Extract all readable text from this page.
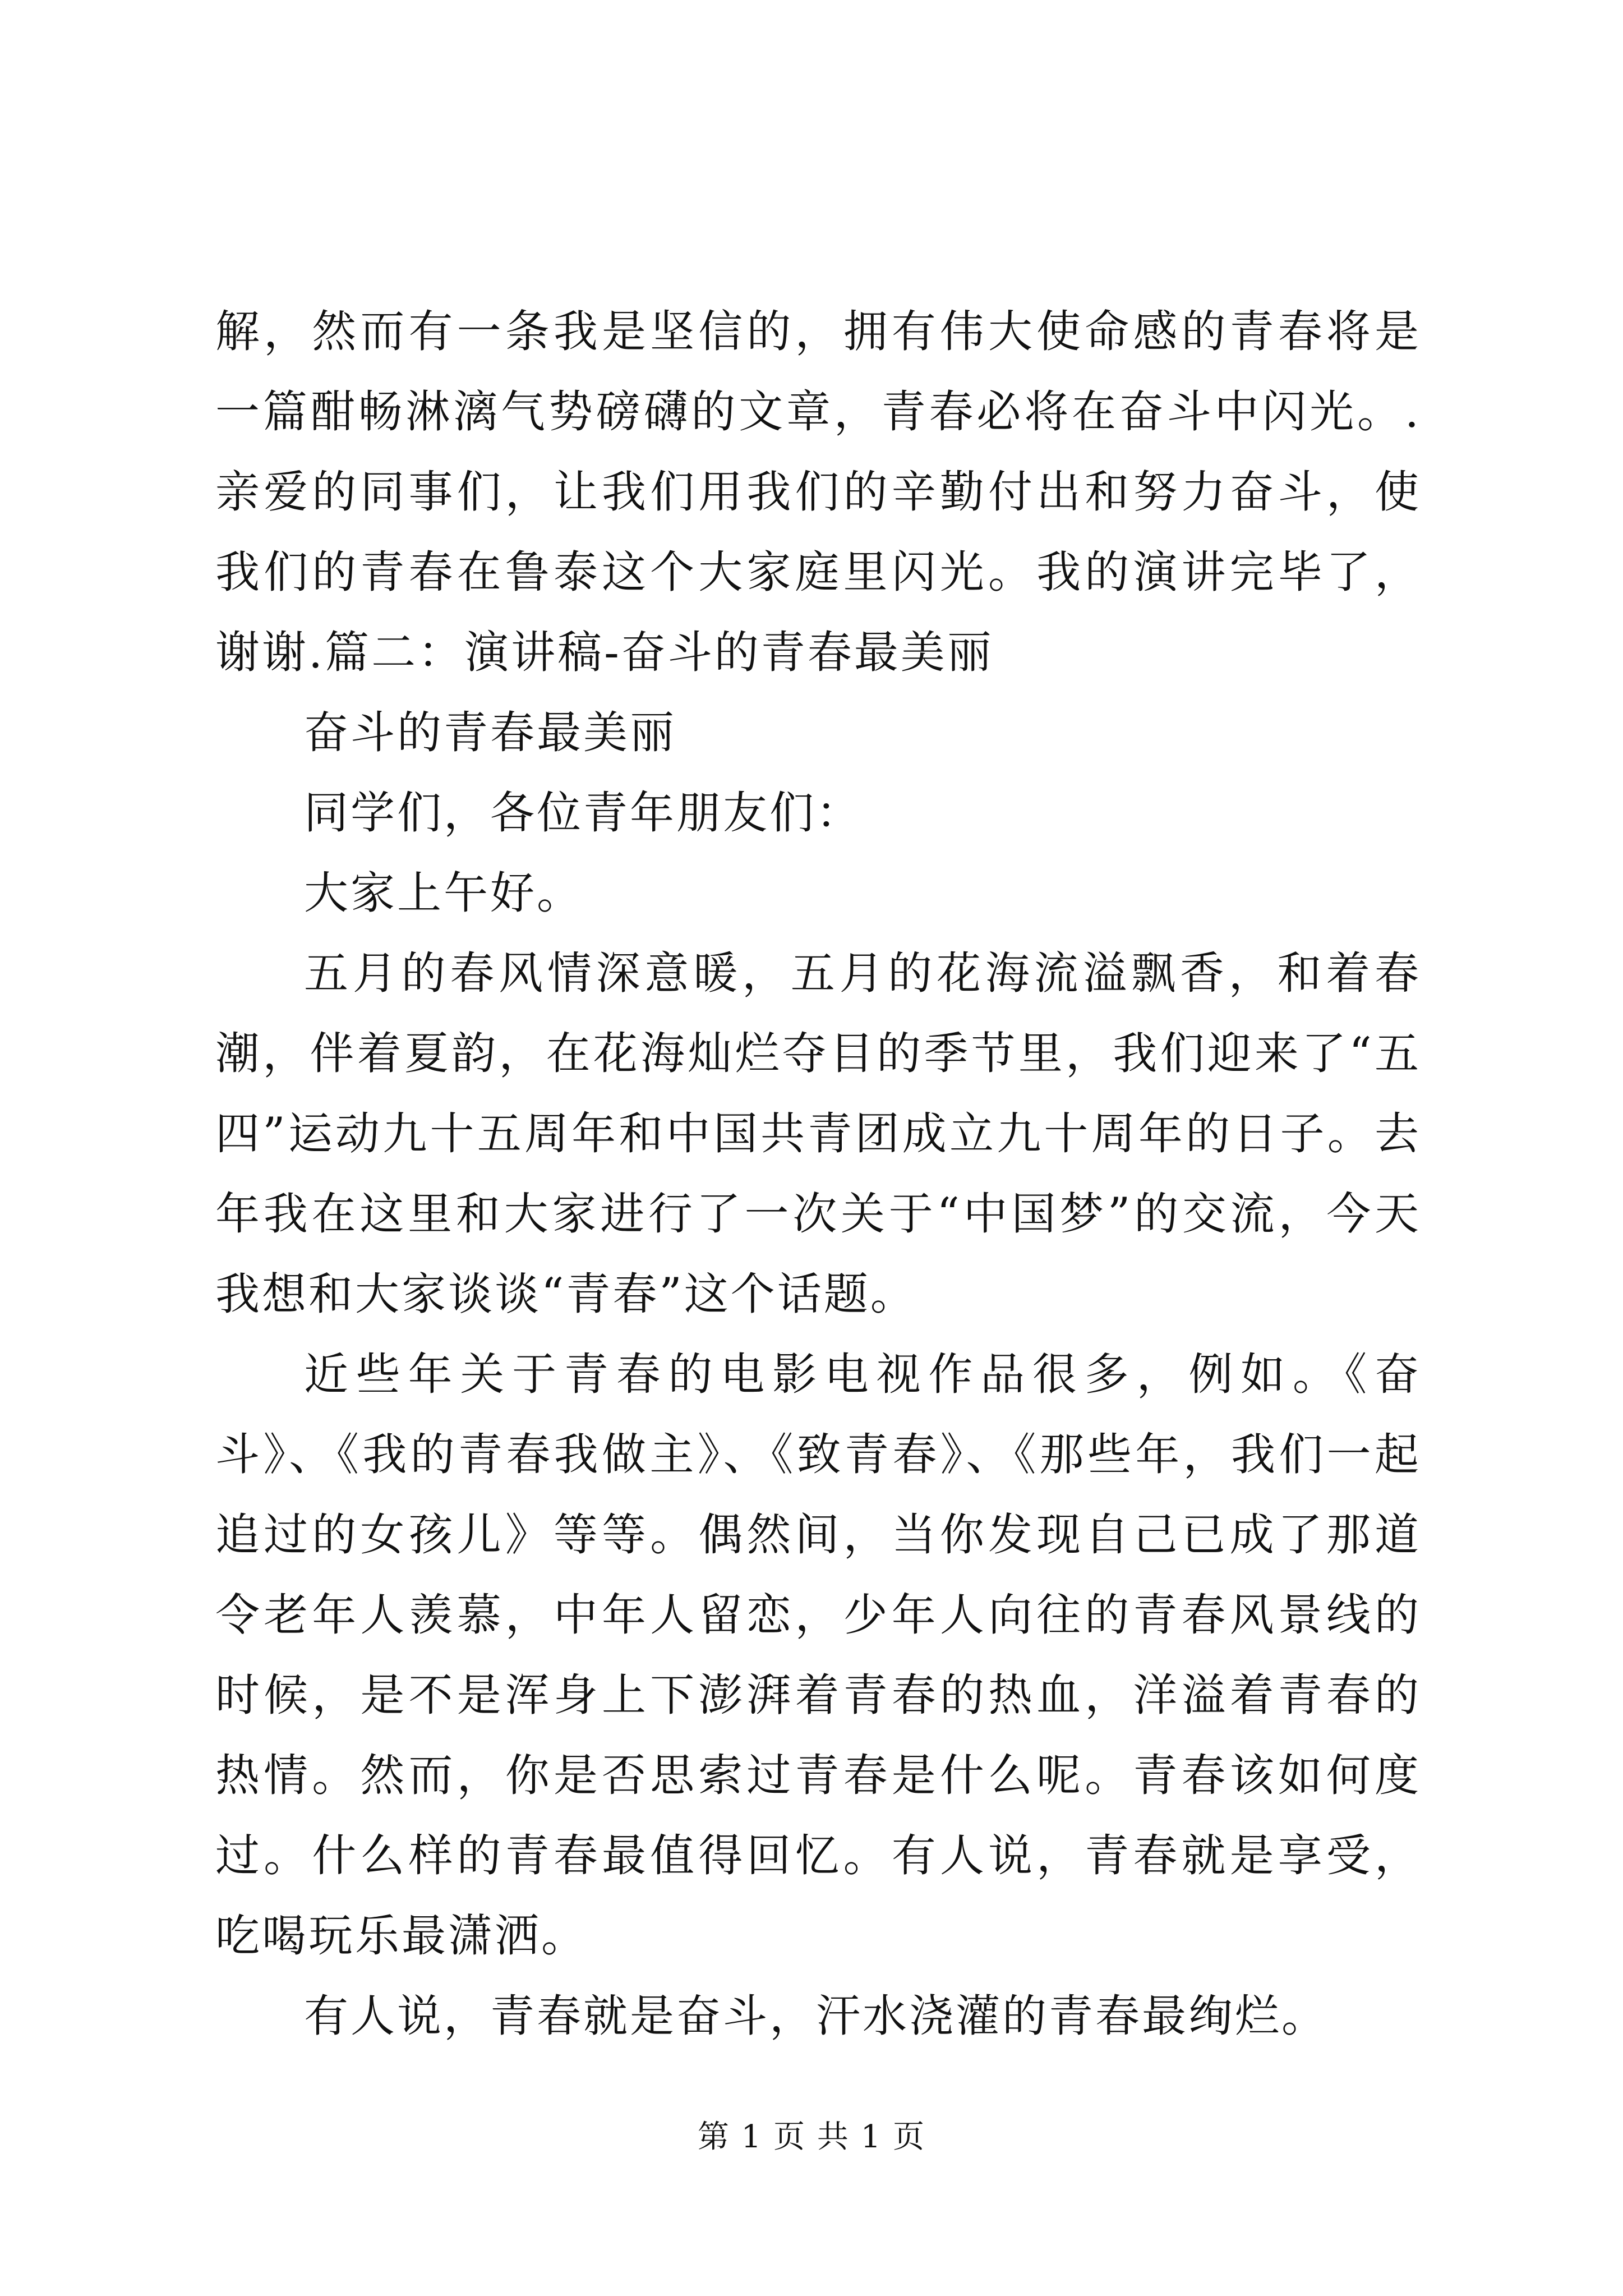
解，然而有一条我是坚信的，拥有伟大使命感的青春将是一篇酣畅淋漓气势磅礴的文章，青春必将在奋斗中闪光。.亲爱的同事们，让我们用我们的辛勤付出和努力奋斗，使我们的青春在鲁泰这个大家庭里闪光。我的演讲完毕了，谢谢.篇二：演讲稿-奋斗的青春最美丽

奋斗的青春最美丽

同学们，各位青年朋友们：

大家上午好。

五月的春风情深意暖，五月的花海流溢飘香，和着春潮，伴着夏韵，在花海灿烂夺目的季节里，我们迎来了“五四”运动九十五周年和中国共青团成立九十周年的日子。去年我在这里和大家进行了一次关于“中国梦”的交流，今天我想和大家谈谈“青春”这个话题。

近些年关于青春的电影电视作品很多，例如。《奋斗》、《我的青春我做主》、《致青春》、《那些年，我们一起追过的女孩儿》等等。偶然间，当你发现自己已成了那道令老年人羡慕，中年人留恋，少年人向往的青春风景线的时候，是不是浑身上下澎湃着青春的热血，洋溢着青春的热情。然而，你是否思索过青春是什么呢。青春该如何度过。什么样的青春最值得回忆。有人说，青春就是享受，吃喝玩乐最潇洒。

有人说，青春就是奋斗，汗水浇灌的青春最绚烂。

第 1 页 共 1 页
